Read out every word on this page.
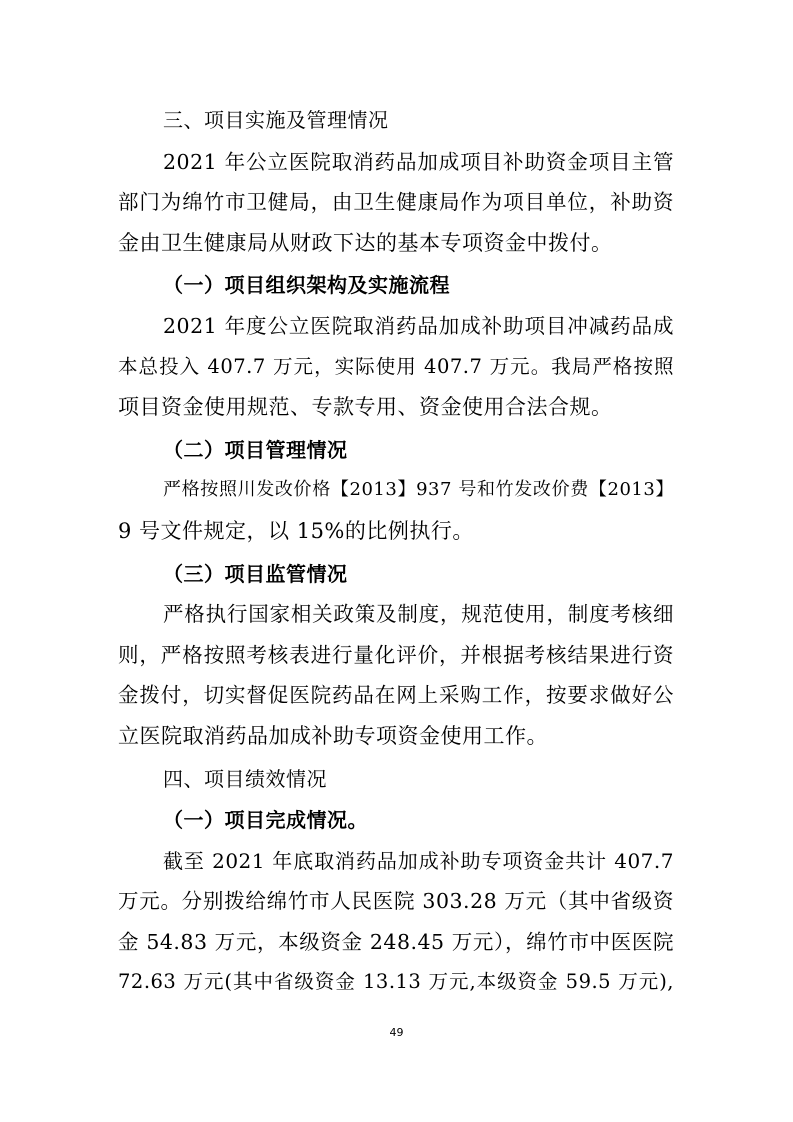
三、项目实施及管理情况
2021 年公立医院取消药品加成项目补助资金项目主管
部门为绵竹市卫健局，由卫生健康局作为项目单位，补助资
金由卫生健康局从财政下达的基本专项资金中拨付。
（一）项目组织架构及实施流程
2021 年度公立医院取消药品加成补助项目冲减药品成
本总投入 407.7 万元，实际使用 407.7 万元。我局严格按照
项目资金使用规范、专款专用、资金使用合法合规。
（二）项目管理情况
严格按照川发改价格【2013】937 号和竹发改价费【2013】
9 号文件规定，以 15%的比例执行。
（三）项目监管情况
严格执行国家相关政策及制度，规范使用，制度考核细
则，严格按照考核表进行量化评价，并根据考核结果进行资
金拨付，切实督促医院药品在网上采购工作，按要求做好公
立医院取消药品加成补助专项资金使用工作。
四、项目绩效情况
（一）项目完成情况。
截至 2021 年底取消药品加成补助专项资金共计 407.7
万元。分别拨给绵竹市人民医院 303.28 万元（其中省级资
金 54.83 万元，本级资金 248.45 万元），绵竹市中医医院
72.63 万元(其中省级资金 13.13 万元,本级资金 59.5 万元),
49
